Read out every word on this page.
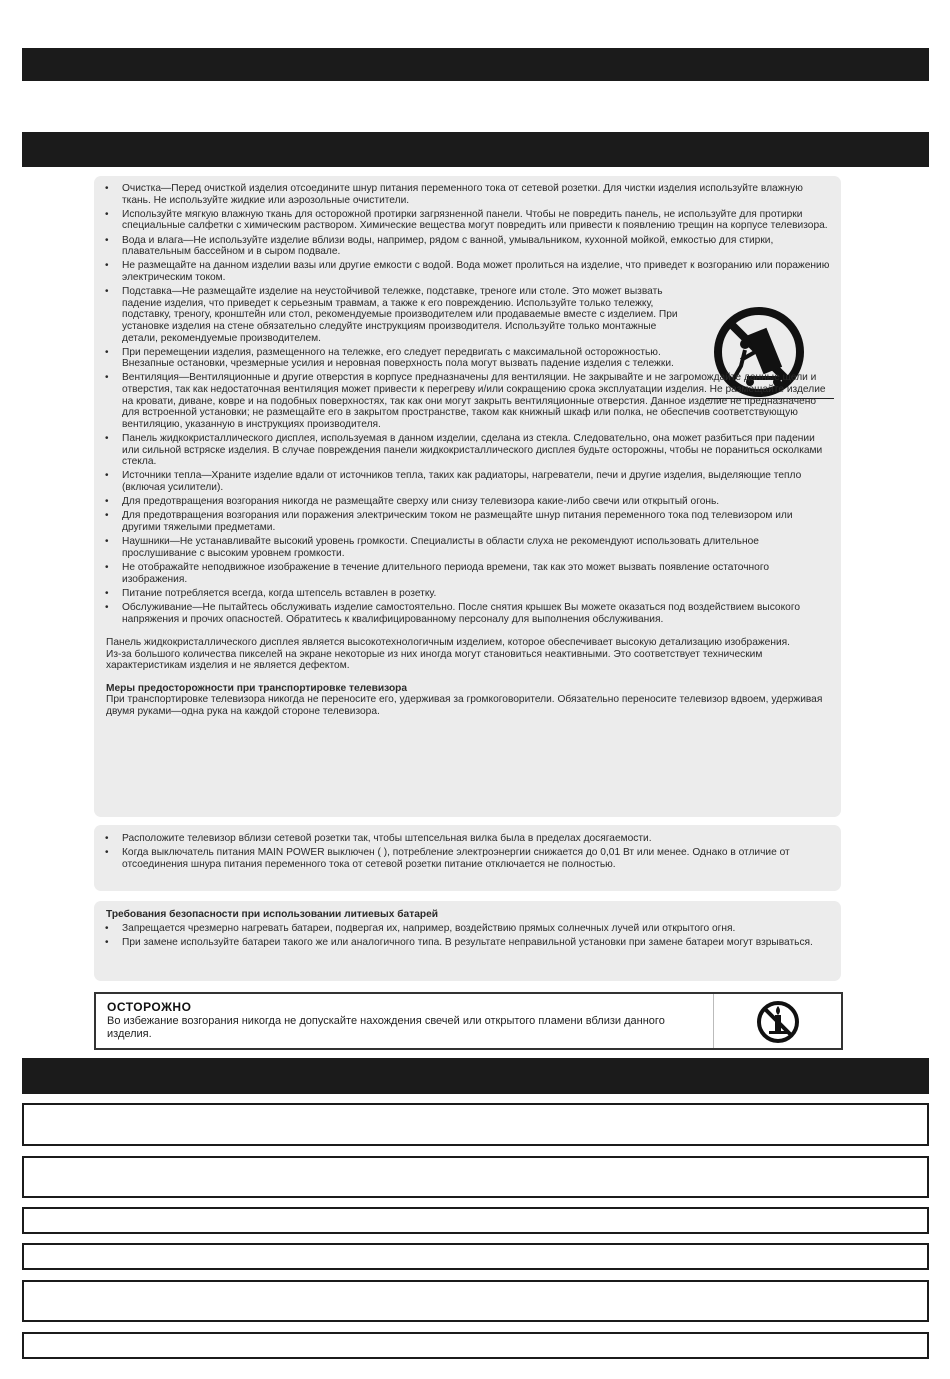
• Очистка—Перед очисткой изделия отсоедините шнур питания переменного тока от сетевой розетки. Для чистки изделия используйте влажную ткань. Не используйте жидкие или аэрозольные очистители.
• Используйте мягкую влажную ткань для осторожной протирки загрязненной панели. Чтобы не повредить панель, не используйте для протирки специальные салфетки с химическим раствором. Химические вещества могут повредить или привести к появлению трещин на корпусе телевизора.
• Вода и влага—Не используйте изделие вблизи воды, например, рядом с ванной, умывальником, кухонной мойкой, емкостью для стирки, плавательным бассейном и в сыром подвале.
• Не размещайте на данном изделии вазы или другие емкости с водой. Вода может пролиться на изделие, что приведет к возгоранию или поражению электрическим током.
• Подставка—Не размещайте изделие на неустойчивой тележке, подставке, треноге или столе. Это может вызвать падение изделия, что приведет к серьезным травмам, а также к его повреждению. Используйте только тележку, подставку, треногу, кронштейн или стол, рекомендуемые производителем или продаваемые вместе с изделием. При установке изделия на стене обязательно следуйте инструкциям производителя. Используйте только монтажные детали, рекомендуемые производителем.
• При перемещении изделия, размещенного на тележке, его следует передвигать с максимальной осторожностью. Внезапные остановки, чрезмерные усилия и неровная поверхность пола могут вызвать падение изделия с тележки.
• Вентиляция—Вентиляционные и другие отверстия в корпусе предназначены для вентиляции. Не закрывайте и не загромождайте данные щели и отверстия, так как недостаточная вентиляция может привести к перегреву и/или сокращению срока эксплуатации изделия. Не размещайте изделие на кровати, диване, ковре и на подобных поверхностях, так как они могут закрыть вентиляционные отверстия. Данное изделие не предназначено для встроенной установки; не размещайте его в закрытом пространстве, таком как книжный шкаф или полка, не обеспечив соответствующую вентиляцию, указанную в инструкциях производителя.
• Панель жидкокристаллического дисплея, используемая в данном изделии, сделана из стекла. Следовательно, она может разбиться при падении или сильной встряске изделия. В случае повреждения панели жидкокристаллического дисплея будьте осторожны, чтобы не пораниться осколками стекла.
• Источники тепла—Храните изделие вдали от источников тепла, таких как радиаторы, нагреватели, печи и другие изделия, выделяющие тепло (включая усилители).
• Для предотвращения возгорания никогда не размещайте сверху или снизу телевизора какие-либо свечи или открытый огонь.
• Для предотвращения возгорания или поражения электрическим током не размещайте шнур питания переменного тока под телевизором или другими тяжелыми предметами.
• Наушники—Не устанавливайте высокий уровень громкости. Специалисты в области слуха не рекомендуют использовать длительное прослушивание с высоким уровнем громкости.
• Не отображайте неподвижное изображение в течение длительного периода времени, так как это может вызвать появление остаточного изображения.
• Питание потребляется всегда, когда штепсель вставлен в розетку.
• Обслуживание—Не пытайтесь обслуживать изделие самостоятельно. После снятия крышек Вы можете оказаться под воздействием высокого напряжения и прочих опасностей. Обратитесь к квалифицированному персоналу для выполнения обслуживания.

Панель жидкокристаллического дисплея является высокотехнологичным изделием, которое обеспечивает высокую детализацию изображения.

Из-за большого количества пикселей на экране некоторые из них иногда могут становиться неактивными. Это соответствует техническим характеристикам изделия и не является дефектом.

Меры предосторожности при транспортировке телевизора

При транспортировке телевизора никогда не переносите его, удерживая за громкоговорители. Обязательно переносите телевизор вдвоем, удерживая двумя руками—одна рука на каждой стороне телевизора.

• Расположите телевизор вблизи сетевой розетки так, чтобы штепсельная вилка была в пределах досягаемости.
• Когда выключатель питания MAIN POWER выключен ( ), потребление электроэнергии снижается до 0,01 Вт или менее. Однако в отличие от отсоединения шнура питания переменного тока от сетевой розетки питание отключается не полностью.

Требования безопасности при использовании литиевых батарей

• Запрещается чрезмерно нагревать батареи, подвергая их, например, воздействию прямых солнечных лучей или открытого огня.
• При замене используйте батареи такого же или аналогичного типа. В результате неправильной установки при замене батареи могут взрываться.
ОСТОРОЖНО
Во избежание возгорания никогда не допускайте нахождения свечей или открытого пламени вблизи данного изделия.
